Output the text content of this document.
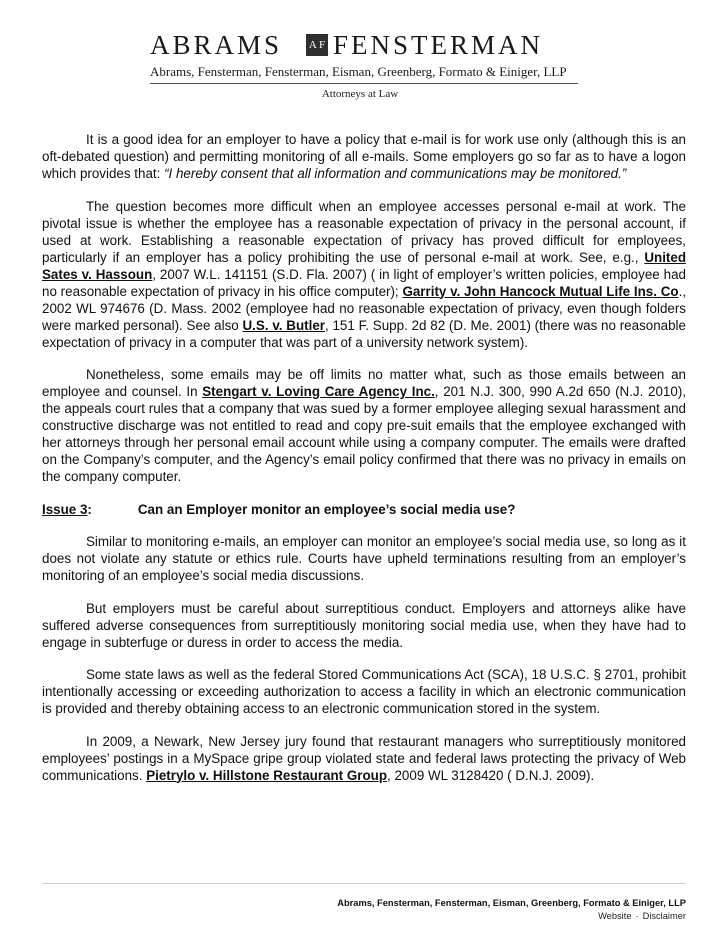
ABRAMS A F FENSTERMAN
Abrams, Fensterman, Fensterman, Eisman, Greenberg, Formato & Einiger, LLP
Attorneys at Law

It is a good idea for an employer to have a policy that e-mail is for work use only (although this is an oft-debated question) and permitting monitoring of all e-mails. Some employers go so far as to have a logon which provides that: “I hereby consent that all information and communications may be monitored.”

The question becomes more difficult when an employee accesses personal e-mail at work. The pivotal issue is whether the employee has a reasonable expectation of privacy in the personal account, if used at work. Establishing a reasonable expectation of privacy has proved difficult for employees, particularly if an employer has a policy prohibiting the use of personal e-mail at work. See, e.g., United Sates v. Hassoun, 2007 W.L. 141151 (S.D. Fla. 2007) ( in light of employer’s written policies, employee had no reasonable expectation of privacy in his office computer); Garrity v. John Hancock Mutual Life Ins. Co., 2002 WL 974676 (D. Mass. 2002 (employee had no reasonable expectation of privacy, even though folders were marked personal). See also U.S. v. Butler, 151 F. Supp. 2d 82 (D. Me. 2001) (there was no reasonable expectation of privacy in a computer that was part of a university network system).

Nonetheless, some emails may be off limits no matter what, such as those emails between an employee and counsel. In Stengart v. Loving Care Agency Inc., 201 N.J. 300, 990 A.2d 650 (N.J. 2010), the appeals court rules that a company that was sued by a former employee alleging sexual harassment and constructive discharge was not entitled to read and copy pre-suit emails that the employee exchanged with her attorneys through her personal email account while using a company computer. The emails were drafted on the Company’s computer, and the Agency’s email policy confirmed that there was no privacy in emails on the company computer.

Issue 3:	Can an Employer monitor an employee’s social media use?

Similar to monitoring e-mails, an employer can monitor an employee’s social media use, so long as it does not violate any statute or ethics rule. Courts have upheld terminations resulting from an employer’s monitoring of an employee’s social media discussions.

But employers must be careful about surreptitious conduct. Employers and attorneys alike have suffered adverse consequences from surreptitiously monitoring social media use, when they have had to engage in subterfuge or duress in order to access the media.

Some state laws as well as the federal Stored Communications Act (SCA), 18 U.S.C. § 2701, prohibit intentionally accessing or exceeding authorization to access a facility in which an electronic communication is provided and thereby obtaining access to an electronic communication stored in the system.

In 2009, a Newark, New Jersey jury found that restaurant managers who surreptitiously monitored employees’ postings in a MySpace gripe group violated state and federal laws protecting the privacy of Web communications. Pietrylo v. Hillstone Restaurant Group, 2009 WL 3128420 ( D.N.J. 2009).

Abrams, Fensterman, Fensterman, Eisman, Greenberg, Formato & Einiger, LLP
Website · Disclaimer
